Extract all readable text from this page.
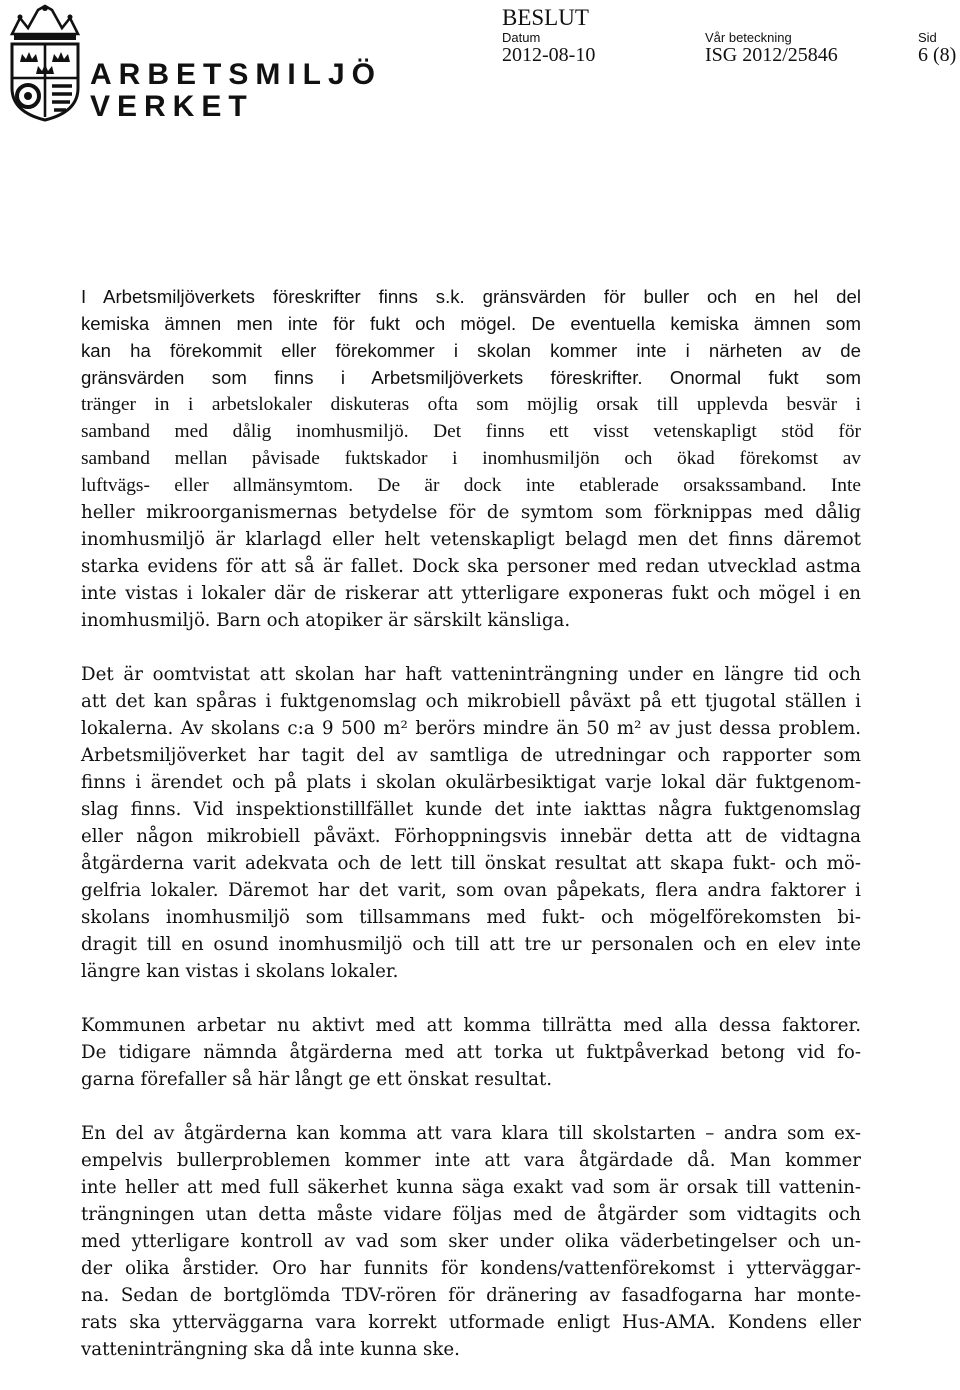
ARBETSMILJÖ
VERKET
BESLUT
Datum
2012-08-10
Vår beteckning
ISG 2012/25846
Sid
6 (8)
I Arbetsmiljöverkets föreskrifter finns s.k. gränsvärden för buller och en hel del
kemiska ämnen men inte för fukt och mögel. De eventuella kemiska ämnen som
kan ha förekommit eller förekommer i skolan kommer inte i närheten av de
gränsvärden som finns i Arbetsmiljöverkets föreskrifter. Onormal fukt som
tränger in i arbetslokaler diskuteras ofta som möjlig orsak till upplevda besvär i
samband med dålig inomhusmiljö. Det finns ett visst vetenskapligt stöd för
samband mellan påvisade fuktskador i inomhusmiljön och ökad förekomst av
luftvägs- eller allmänsymtom. De är dock inte etablerade orsakssamband. Inte
heller mikroorganismernas betydelse för de symtom som förknippas med dålig
inomhusmiljö är klarlagd eller helt vetenskapligt belagd men det finns däremot
starka evidens för att så är fallet. Dock ska personer med redan utvecklad astma
inte vistas i lokaler där de riskerar att ytterligare exponeras fukt och mögel i en
inomhusmiljö. Barn och atopiker är särskilt känsliga.
Det är oomtvistat att skolan har haft vatteninträngning under en längre tid och
att det kan spåras i fuktgenomslag och mikrobiell påväxt på ett tjugotal ställen i
lokalerna. Av skolans c:a 9 500 m² berörs mindre än 50 m² av just dessa problem.
Arbetsmiljöverket har tagit del av samtliga de utredningar och rapporter som
finns i ärendet och på plats i skolan okulärbesiktigat varje lokal där fuktgenom-
slag finns. Vid inspektionstillfället kunde det inte iakttas några fuktgenomslag
eller någon mikrobiell påväxt. Förhoppningsvis innebär detta att de vidtagna
åtgärderna varit adekvata och de lett till önskat resultat att skapa fukt- och mö-
gelfria lokaler. Däremot har det varit, som ovan påpekats, flera andra faktorer i
skolans inomhusmiljö som tillsammans med fukt- och mögelförekomsten bi-
dragit till en osund inomhusmiljö och till att tre ur personalen och en elev inte
längre kan vistas i skolans lokaler.
Kommunen arbetar nu aktivt med att komma tillrätta med alla dessa faktorer.
De tidigare nämnda åtgärderna med att torka ut fuktpåverkad betong vid fo-
garna förefaller så här långt ge ett önskat resultat.
En del av åtgärderna kan komma att vara klara till skolstarten – andra som ex-
empelvis bullerproblemen kommer inte att vara åtgärdade då. Man kommer
inte heller att med full säkerhet kunna säga exakt vad som är orsak till vattenin-
trängningen utan detta måste vidare följas med de åtgärder som vidtagits och
med ytterligare kontroll av vad som sker under olika väderbetingelser och un-
der olika årstider. Oro har funnits för kondens/vattenförekomst i ytterväggar-
na. Sedan de bortglömda TDV-rören för dränering av fasadfogarna har monte-
rats ska ytterväggarna vara korrekt utformade enligt Hus-AMA. Kondens eller
vatteninträngning ska då inte kunna ske.
